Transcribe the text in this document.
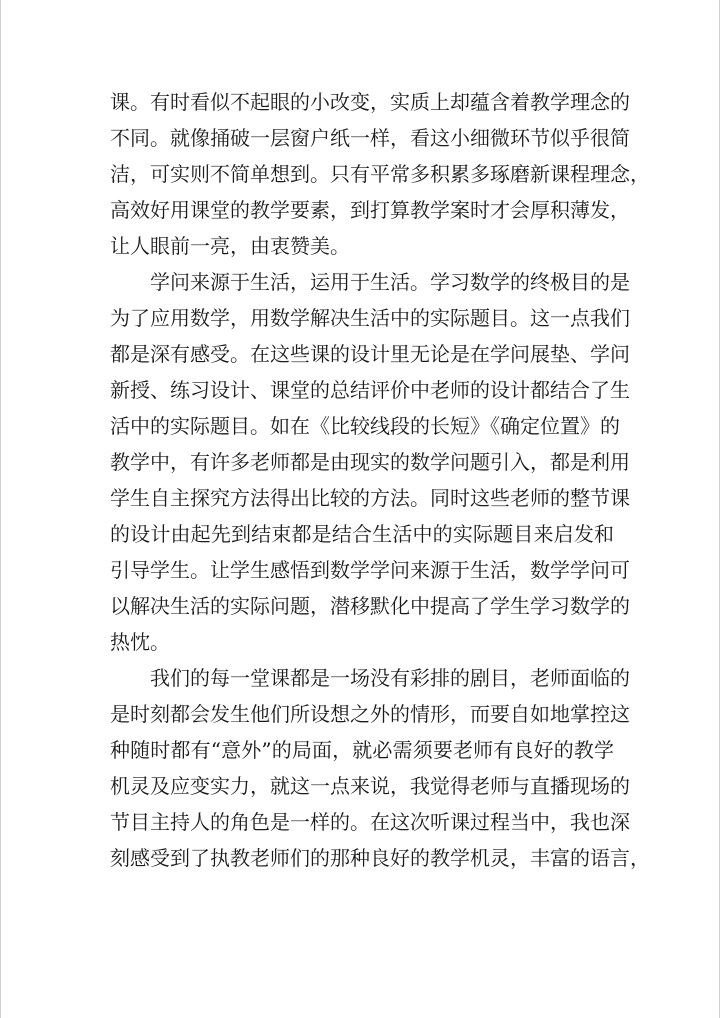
课。有时看似不起眼的小改变，实质上却蕴含着教学理念的
不同。就像捅破一层窗户纸一样，看这小细微环节似乎很简
洁，可实则不简单想到。只有平常多积累多琢磨新课程理念，
高效好用课堂的教学要素，到打算教学案时才会厚积薄发，
让人眼前一亮，由衷赞美。
学问来源于生活，运用于生活。学习数学的终极目的是
为了应用数学，用数学解决生活中的实际题目。这一点我们
都是深有感受。在这些课的设计里无论是在学问展垫、学问
新授、练习设计、课堂的总结评价中老师的设计都结合了生
活中的实际题目。如在《比较线段的长短》《确定位置》的
教学中，有许多老师都是由现实的数学问题引入，都是利用
学生自主探究方法得出比较的方法。同时这些老师的整节课
的设计由起先到结束都是结合生活中的实际题目来启发和
引导学生。让学生感悟到数学学问来源于生活，数学学问可
以解决生活的实际问题，潜移默化中提高了学生学习数学的
热忱。
我们的每一堂课都是一场没有彩排的剧目，老师面临的
是时刻都会发生他们所设想之外的情形，而要自如地掌控这
种随时都有“意外”的局面，就必需须要老师有良好的教学
机灵及应变实力，就这一点来说，我觉得老师与直播现场的
节目主持人的角色是一样的。在这次听课过程当中，我也深
刻感受到了执教老师们的那种良好的教学机灵，丰富的语言，
